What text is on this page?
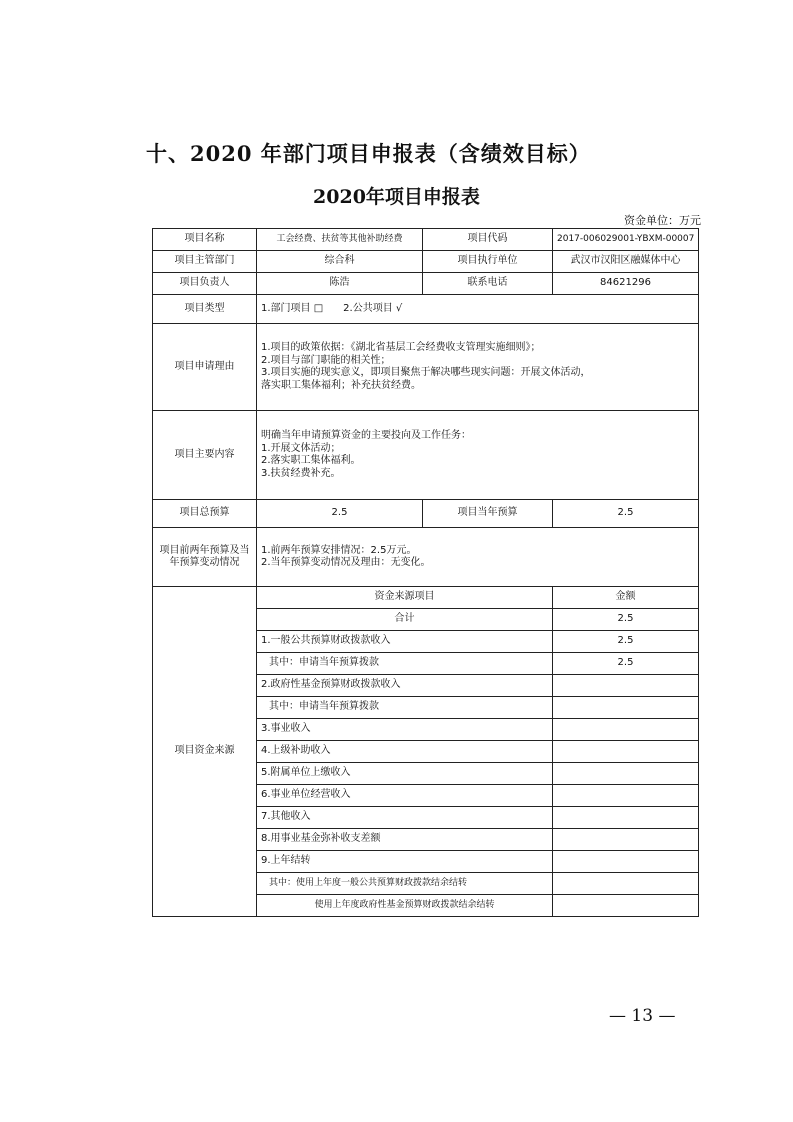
十、2020 年部门项目申报表（含绩效目标）
2020年项目申报表
资金单位：万元
项目名称	工会经费、扶贫等其他补助经费	项目代码	2017-006029001-YBXM-00007
项目主管部门	综合科	项目执行单位	武汉市汉阳区融媒体中心
项目负责人	陈浩	联系电话	84621296
项目类型	1.部门项目 □　　2.公共项目 √		
项目申请理由	1.项目的政策依据：《湖北省基层工会经费收支管理实施细则》；
2.项目与部门职能的相关性；
3.项目实施的现实意义，即项目聚焦于解决哪些现实问题：开展文体活动，
落实职工集体福利；补充扶贫经费。		

项目主要内容	明确当年申请预算资金的主要投向及工作任务：
1.开展文体活动；
2.落实职工集体福利。
3.扶贫经费补充。		

项目总预算	2.5	项目当年预算	2.5
项目前两年预算及当年预算变动情况	1.前两年预算安排情况：2.5万元。
2.当年预算变动情况及理由：无变化。		

项目资金来源	资金来源项目		金额
	合计		2.5
	1.一般公共预算财政拨款收入		2.5
	其中：申请当年预算拨款		2.5
	2.政府性基金预算财政拨款收入		
	其中：申请当年预算拨款		
	3.事业收入		
	4.上级补助收入		
	5.附属单位上缴收入		
	6.事业单位经营收入		
	7.其他收入		
	8.用事业基金弥补收支差额		
	9.上年结转		
	其中：使用上年度一般公共预算财政拨款结余结转		
	使用上年度政府性基金预算财政拨款结余结转		
— 13 —
